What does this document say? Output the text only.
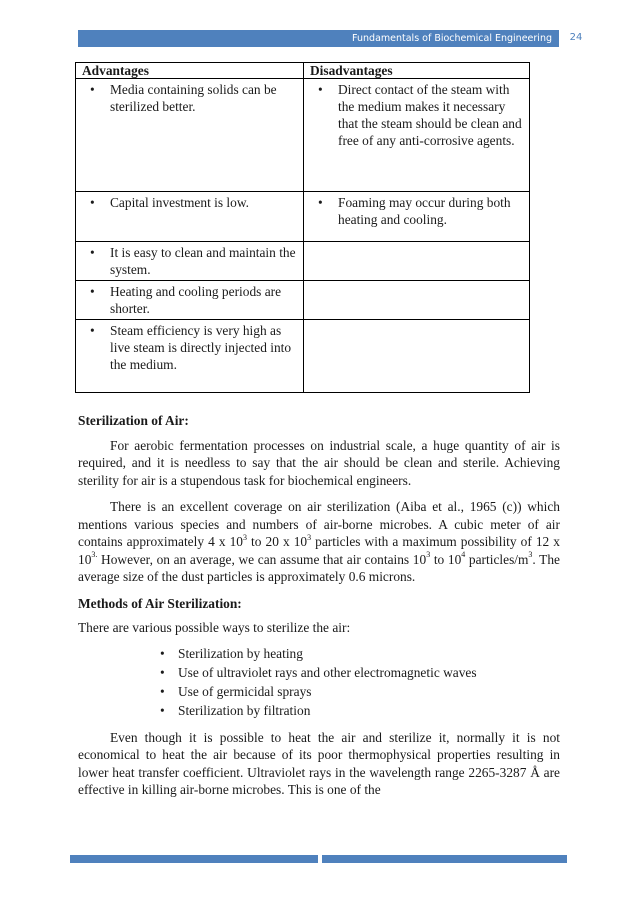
Fundamentals of Biochemical Engineering	24
Advantages	Disadvantages

• Media containing solids can be sterilized better.	• Direct contact of the steam with the medium makes it necessary that the steam should be clean and free of any anti-corrosive agents.

• Capital investment is low.	• Foaming may occur during both heating and cooling.

• It is easy to clean and maintain the system.	

• Heating and cooling periods are shorter.	

• Steam efficiency is very high as live steam is directly injected into the medium.	

Sterilization of Air:

For aerobic fermentation processes on industrial scale, a huge quantity of air is required, and it is needless to say that the air should be clean and sterile. Achieving sterility for air is a stupendous task for biochemical engineers.

There is an excellent coverage on air sterilization (Aiba et al., 1965 (c)) which mentions various species and numbers of air-borne microbes. A cubic meter of air contains approximately 4 x $10^3$ to 20 x $10^3$ particles with a maximum possibility of 12 x $10^{3.}$ However, on an average, we can assume that air contains $10^3$ to $10^4$ particles/$m^3$. The average size of the dust particles is approximately 0.6 microns.

Methods of Air Sterilization:

There are various possible ways to sterilize the air:

• Sterilization by heating
• Use of ultraviolet rays and other electromagnetic waves
• Use of germicidal sprays
• Sterilization by filtration

Even though it is possible to heat the air and sterilize it, normally it is not economical to heat the air because of its poor thermophysical properties resulting in lower heat transfer coefficient. Ultraviolet rays in the wavelength range 2265-3287 Å are effective in killing air-borne microbes. This is one of the
